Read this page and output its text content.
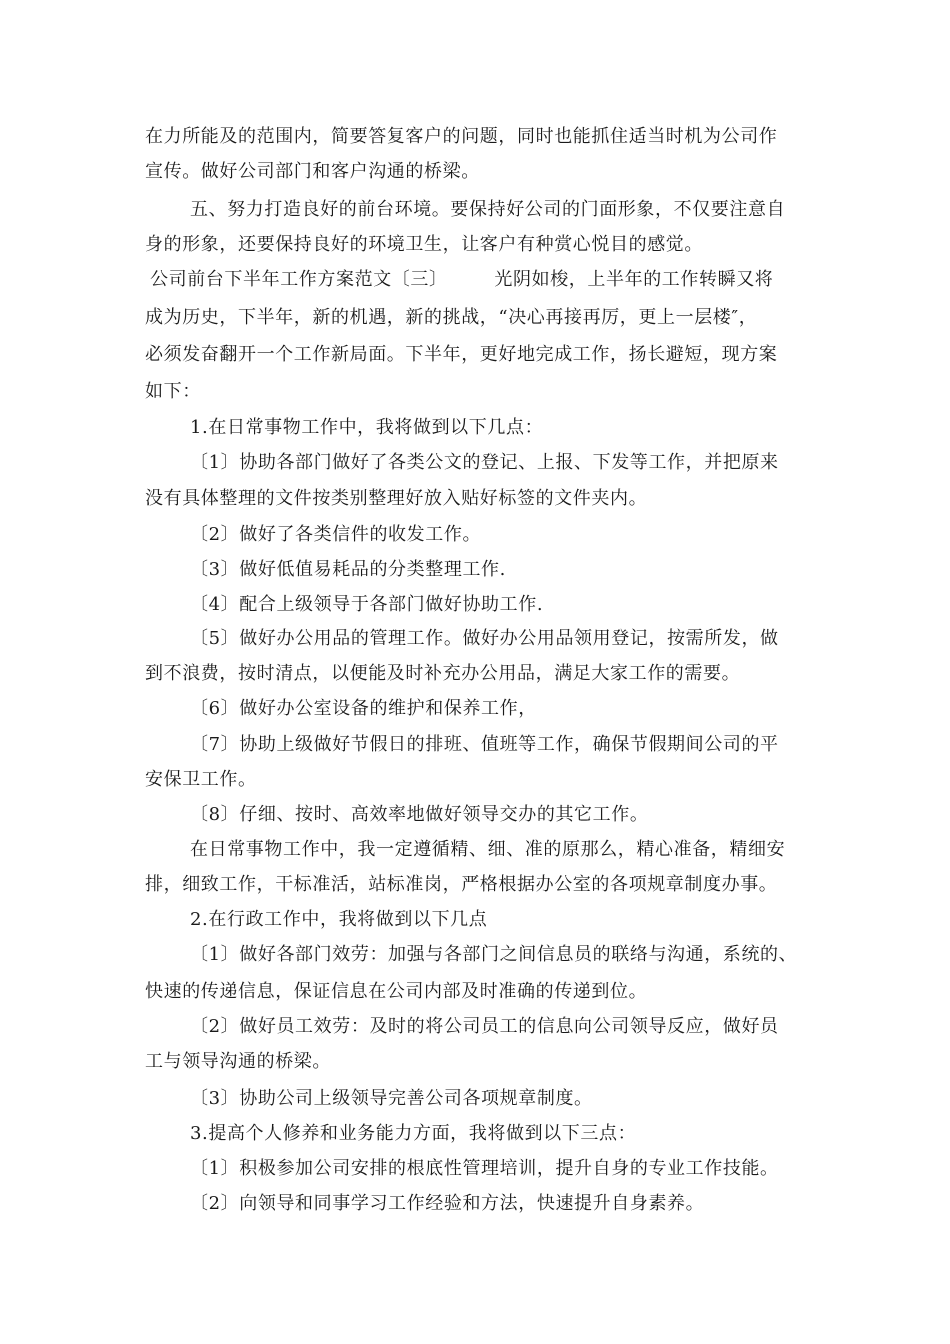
在力所能及的范围内，简要答复客户的问题，同时也能抓住适当时机为公司作
宣传。做好公司部门和客户沟通的桥梁。
五、努力打造良好的前台环境。要保持好公司的门面形象，不仅要注意自
身的形象，还要保持良好的环境卫生，让客户有种赏心悦目的感觉。
公司前台下半年工作方案范文〔三〕　　　光阴如梭，上半年的工作转瞬又将
成为历史，下半年，新的机遇，新的挑战，“决心再接再厉，更上一层楼″，
必须发奋翻开一个工作新局面。下半年，更好地完成工作，扬长避短，现方案
如下：
1.在日常事物工作中，我将做到以下几点：
〔1〕协助各部门做好了各类公文的登记、上报、下发等工作，并把原来
没有具体整理的文件按类别整理好放入贴好标签的文件夹内。
〔2〕做好了各类信件的收发工作。
〔3〕做好低值易耗品的分类整理工作.
〔4〕配合上级领导于各部门做好协助工作.
〔5〕做好办公用品的管理工作。做好办公用品领用登记，按需所发，做
到不浪费，按时清点，以便能及时补充办公用品，满足大家工作的需要。
〔6〕做好办公室设备的维护和保养工作，
〔7〕协助上级做好节假日的排班、值班等工作，确保节假期间公司的平
安保卫工作。
〔8〕仔细、按时、高效率地做好领导交办的其它工作。
在日常事物工作中，我一定遵循精、细、准的原那么，精心准备，精细安
排，细致工作，干标准活，站标准岗，严格根据办公室的各项规章制度办事。
2.在行政工作中，我将做到以下几点
〔1〕做好各部门效劳：加强与各部门之间信息员的联络与沟通，系统的、
快速的传递信息，保证信息在公司内部及时准确的传递到位。
〔2〕做好员工效劳：及时的将公司员工的信息向公司领导反应，做好员
工与领导沟通的桥梁。
〔3〕协助公司上级领导完善公司各项规章制度。
3.提高个人修养和业务能力方面，我将做到以下三点：
〔1〕积极参加公司安排的根底性管理培训，提升自身的专业工作技能。
〔2〕向领导和同事学习工作经验和方法，快速提升自身素养。
